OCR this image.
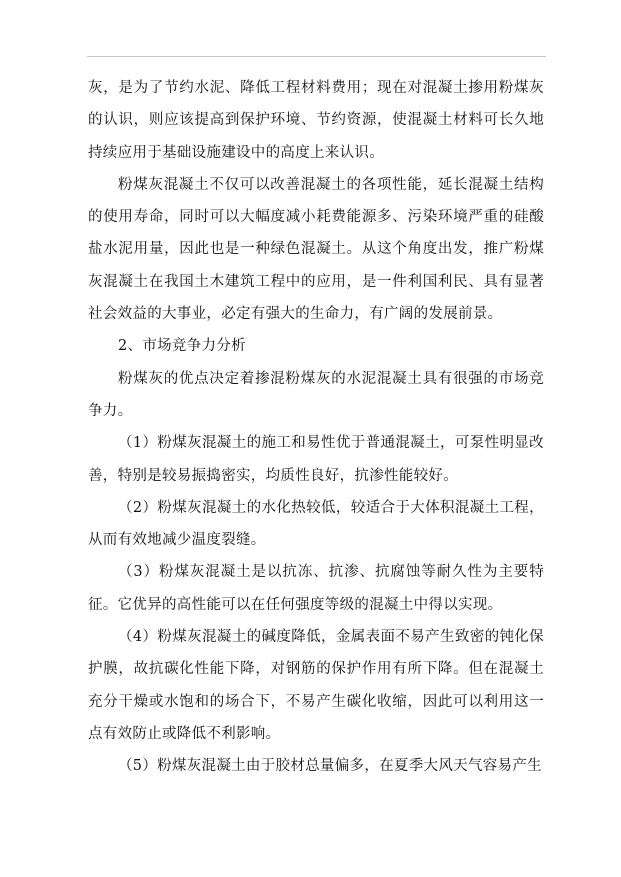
灰，是为了节约水泥、降低工程材料费用；现在对混凝土掺用粉煤灰的认识，则应该提高到保护环境、节约资源，使混凝土材料可长久地持续应用于基础设施建设中的高度上来认识。

粉煤灰混凝土不仅可以改善混凝土的各项性能，延长混凝土结构的使用寿命，同时可以大幅度减小耗费能源多、污染环境严重的硅酸盐水泥用量，因此也是一种绿色混凝土。从这个角度出发，推广粉煤灰混凝土在我国土木建筑工程中的应用，是一件利国利民、具有显著社会效益的大事业，必定有强大的生命力，有广阔的发展前景。

2、市场竞争力分析

粉煤灰的优点决定着掺混粉煤灰的水泥混凝土具有很强的市场竞争力。

（1）粉煤灰混凝土的施工和易性优于普通混凝土，可泵性明显改善，特别是较易振捣密实，均质性良好，抗渗性能较好。

（2）粉煤灰混凝土的水化热较低，较适合于大体积混凝土工程，从而有效地减少温度裂缝。

（3）粉煤灰混凝土是以抗冻、抗渗、抗腐蚀等耐久性为主要特征。它优异的高性能可以在任何强度等级的混凝土中得以实现。

（4）粉煤灰混凝土的碱度降低，金属表面不易产生致密的钝化保护膜，故抗碳化性能下降，对钢筋的保护作用有所下降。但在混凝土充分干燥或水饱和的场合下，不易产生碳化收缩，因此可以利用这一点有效防止或降低不利影响。

（5）粉煤灰混凝土由于胶材总量偏多，在夏季大风天气容易产生
